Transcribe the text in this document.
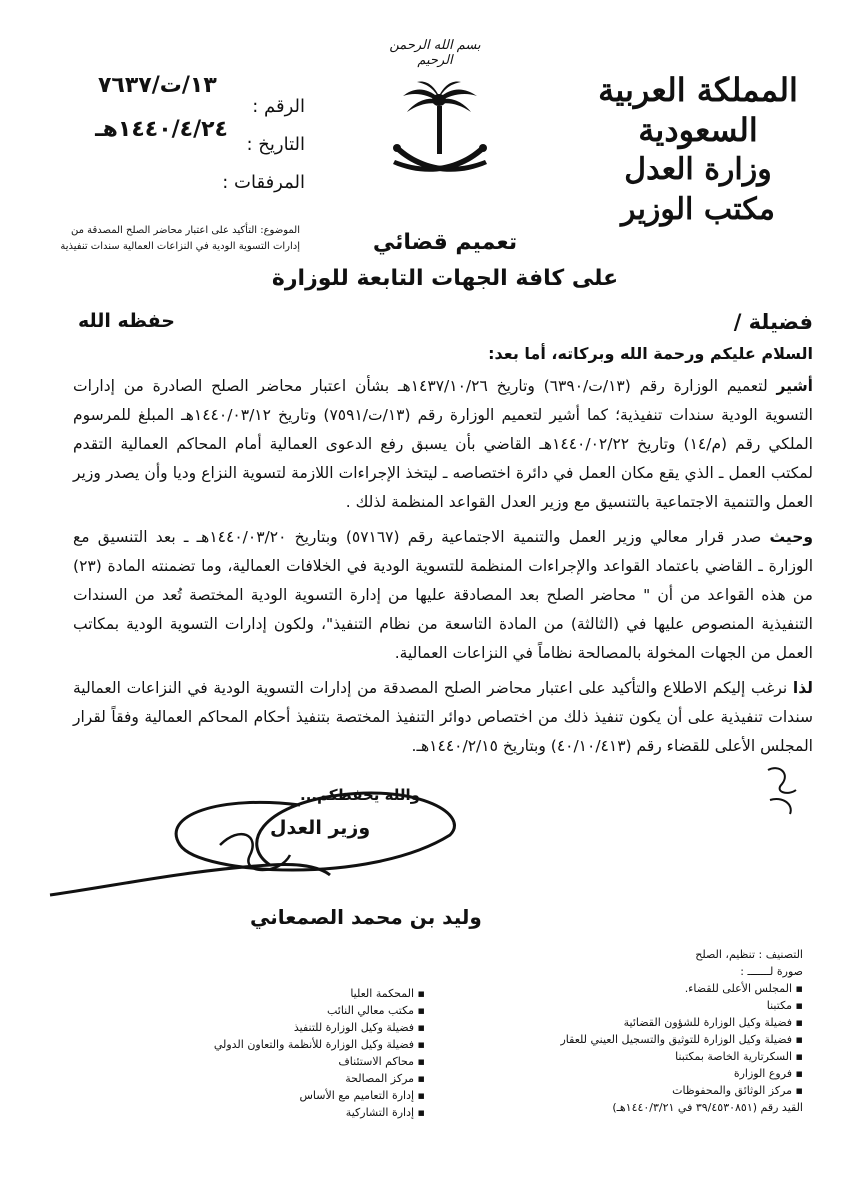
بسم الله الرحمن الرحيم
المملكة العربية السعودية
وزارة العدل
مكتب الوزير
الرقم :
التاريخ :
المرفقات :
١٣/ت/٧٦٣٧
١٤٤٠/٤/٢٤هـ
الموضوع: التأكيد على اعتبار محاضر الصلح المصدقة من إدارات التسوية الودية في النزاعات العمالية سندات تنفيذية	تعميم قضائي
على كافة الجهات التابعة للوزارة
فضيلة /
حفظه الله
السلام عليكم ورحمة الله وبركاته، أما بعد:

أشير لتعميم الوزارة رقم (١٣/ت/٦٣٩٠) وتاريخ ١٤٣٧/١٠/٢٦هـ بشأن اعتبار محاضر الصلح الصادرة من إدارات التسوية الودية سندات تنفيذية؛ كما أشير لتعميم الوزارة رقم (١٣/ت/٧٥٩١) وتاريخ ١٤٤٠/٠٣/١٢هـ المبلغ للمرسوم الملكي رقم (م/١٤) وتاريخ ١٤٤٠/٠٢/٢٢هـ القاضي بأن يسبق رفع الدعوى العمالية أمام المحاكم العمالية التقدم لمكتب العمل ـ الذي يقع مكان العمل في دائرة اختصاصه ـ ليتخذ الإجراءات اللازمة لتسوية النزاع وديا وأن يصدر وزير العمل والتنمية الاجتماعية بالتنسيق مع وزير العدل القواعد المنظمة لذلك .

وحيث صدر قرار معالي وزير العمل والتنمية الاجتماعية رقم (٥٧١٦٧) وبتاريخ ١٤٤٠/٠٣/٢٠هـ ـ بعد التنسيق مع الوزارة ـ القاضي باعتماد القواعد والإجراءات المنظمة للتسوية الودية في الخلافات العمالية، وما تضمنته المادة (٢٣) من هذه القواعد من أن " محاضر الصلح بعد المصادقة عليها من إدارة التسوية الودية المختصة تُعد من السندات التنفيذية المنصوص عليها في (الثالثة) من المادة التاسعة من نظام التنفيذ"، ولكون إدارات التسوية الودية بمكاتب العمل من الجهات المخولة بالمصالحة نظاماً في النزاعات العمالية.

لذا نرغب إليكم الاطلاع والتأكيد على اعتبار محاضر الصلح المصدقة من إدارات التسوية الودية في النزاعات العمالية سندات تنفيذية على أن يكون تنفيذ ذلك من اختصاص دوائر التنفيذ المختصة بتنفيذ أحكام المحاكم العمالية وفقاً لقرار المجلس الأعلى للقضاء رقم (٤٠/١٠/٤١٣) وبتاريخ ١٤٤٠/٢/١٥هـ.

والله يحفظكم...
وزير العدل
وليد بن محمد الصمعاني
التصنيف : تنظيم، الصلح
صورة لـــــــ :
▪ المجلس الأعلى للقضاء.
▪ مكتبنا
▪ فضيلة وكيل الوزارة للشؤون القضائية
▪ فضيلة وكيل الوزارة للتوثيق والتسجيل العيني للعقار
▪ السكرتارية الخاصة بمكتبنا
▪ فروع الوزارة
▪ مركز الوثائق والمحفوظات
القيد رقم (٣٩/٤٥٣٠٨٥١ في ١٤٤٠/٣/٢١هـ)
▪ المحكمة العليا
▪ مكتب معالي النائب
▪ فضيلة وكيل الوزارة للتنفيذ
▪ فضيلة وكيل الوزارة للأنظمة والتعاون الدولي
▪ محاكم الاستئناف
▪ مركز المصالحة
▪ إدارة التعاميم مع الأساس
▪ إدارة التشاركية
